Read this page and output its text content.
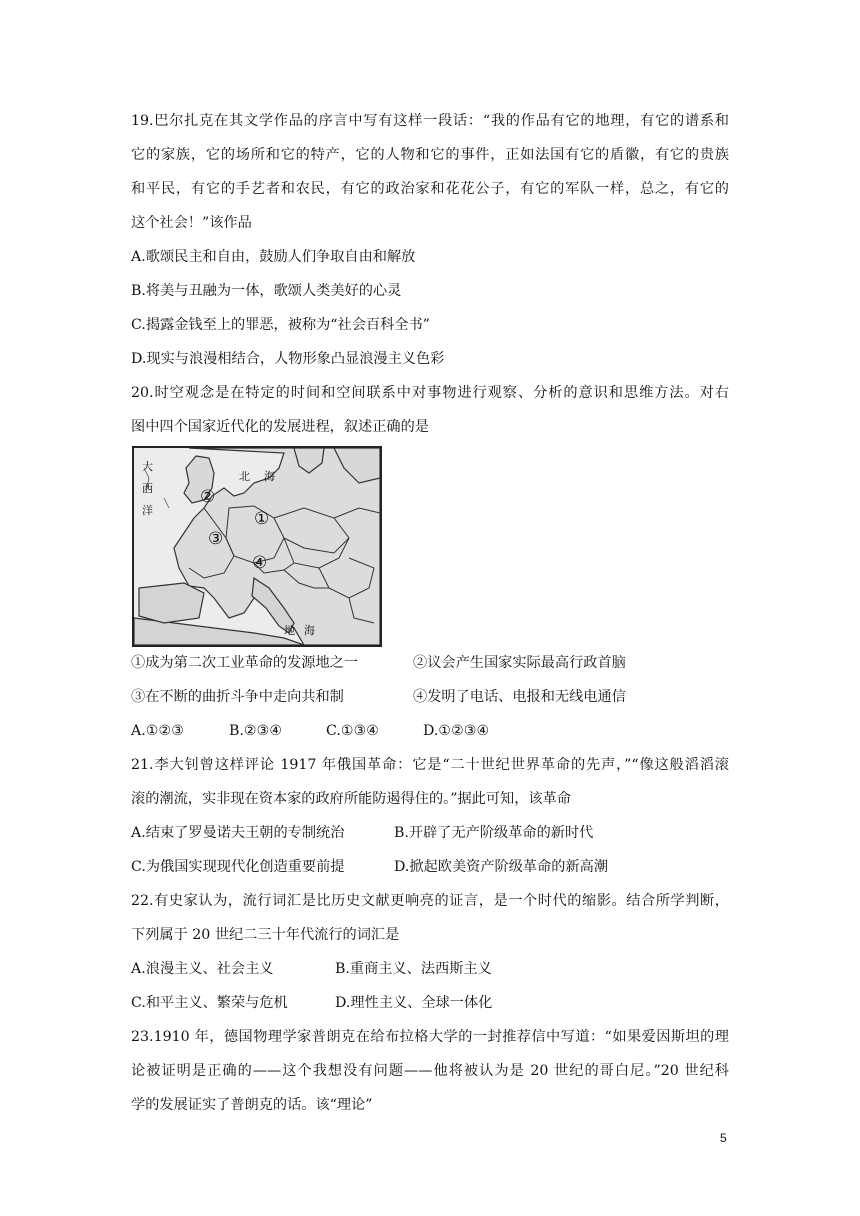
19.巴尔扎克在其文学作品的序言中写有这样一段话：“我的作品有它的地理，有它的谱系和
它的家族，它的场所和它的特产，它的人物和它的事件，正如法国有它的盾徽，有它的贵族
和平民，有它的手艺者和农民，有它的政治家和花花公子，有它的军队一样，总之，有它的
这个社会！”该作品
A.歌颂民主和自由，鼓励人们争取自由和解放
B.将美与丑融为一体，歌颂人类美好的心灵
C.揭露金钱至上的罪恶，被称为“社会百科全书”
D.现实与浪漫相结合，人物形象凸显浪漫主义色彩
20.时空观念是在特定的时间和空间联系中对事物进行观察、分析的意识和思维方法。对右
图中四个国家近代化的发展进程，叙述正确的是
大
西
洋
北 海
地 海
①
②
③
④
①成为第二次工业革命的发源地之一	②议会产生国家实际最高行政首脑
③在不断的曲折斗争中走向共和制	④发明了电话、电报和无线电通信
A.①②③	B.②③④	C.①③④	D.①②③④
21.李大钊曾这样评论 1917 年俄国革命：它是“二十世纪世界革命的先声，”“像这般滔滔滚
滚的潮流，实非现在资本家的政府所能防遏得住的。”据此可知，该革命
A.结束了罗曼诺夫王朝的专制统治	B.开辟了无产阶级革命的新时代
C.为俄国实现现代化创造重要前提	D.掀起欧美资产阶级革命的新高潮
22.有史家认为，流行词汇是比历史文献更响亮的证言，是一个时代的缩影。结合所学判断，
下列属于 20 世纪二三十年代流行的词汇是
A.浪漫主义、社会主义	B.重商主义、法西斯主义
C.和平主义、繁荣与危机	D.理性主义、全球一体化
23.1910 年，德国物理学家普朗克在给布拉格大学的一封推荐信中写道：“如果爱因斯坦的理
论被证明是正确的——这个我想没有问题——他将被认为是 20 世纪的哥白尼。”20 世纪科
学的发展证实了普朗克的话。该“理论”
5
